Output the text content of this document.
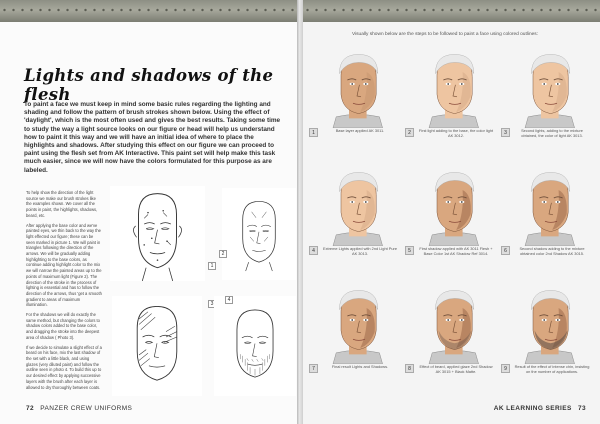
Lights and shadows of the flesh

To paint a face we must keep in mind some basic rules regarding the lighting and shading and follow the pattern of brush strokes shown below. Using the effect of 'daylight', which is the most often used and gives the best results. Taking some time to study the way a light source looks on our figure or head will help us understand how to paint it this way and we will have an initial idea of where to place the highlights and shadows. After studying this effect on our figure we can proceed to paint using the flesh set from AK Interactive. This paint set will help make this task much easier, since we will now have the colors formulated for this purpose as are labeled.

To help show the direction of the light source we make our brush strokes like the examples shown. We cover all the points in paint, the highlights, shadows, beard, etc.

After applying the base color and we've painted eyes, we thin back to the way the light effected our figure; these can be seen marked in picture 1. We will paint in triangles following the direction of the arrows. We will be gradually adding highlighting to the base colors, as continue adding highlight color to the mix we will narrow the painted areas up to the points of maximum light (Figure 2). The direction of the stroke in the process of lighting is essential and has to follow the direction of the arrows, thus 'get a smooth gradient to areas of maximum illumination.

For the shadows we will do exactly the same method, but changing the colors to shadow colors added to the base color, and dragging the stroke into the deepest area of shadow ( Photo 3).

If we decide to simulate a slight effect of a beard on his face, mix the last shadow of the set with a little black, and using glazes (very diluted paint) and follow the outline seen in photo 4. To build this up to our desired effect by applying successive layers with the brush after each layer is allowed to dry thoroughly between coats.

1
2
3
4
72 PANZER CREW UNIFORMS	AK LEARNING SERIES 73

Visually shown below are the steps to be followed to paint a face using colored outlines:

1	Base layer applied AK 3011.	2	First light adding to the base, the color light AK 3012.	3	Second lights, adding to the mixture obtained, the color of light AK 3013.
4	Extreme Lights applied with 2nd Light Pure AK 3013.	5	First shadow applied with AK 3011 Flesh + Base Color 1st AK Shadow Ref 3014.	6	Second shadow adding to the mixture obtained color 2nd Shadow AK 3015.
7	Final result Lights and Shadows.	8	Effect of beard, applied glaze 2nd Shadow AK 3015 + Black Matte.	9	Result of the effect of intense chin, insisting on the number of applications.
